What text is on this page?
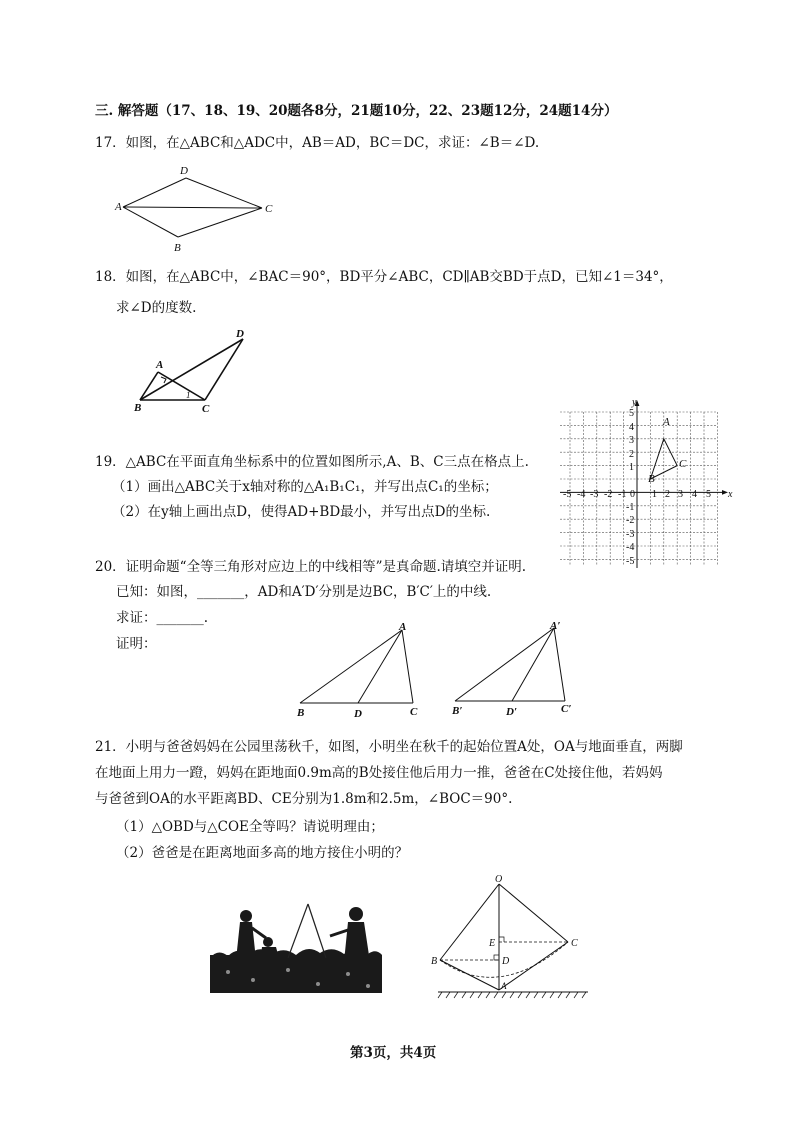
三. 解答题（17、18、19、20题各8分，21题10分，22、23题12分，24题14分）
17．如图，在△ABC和△ADC中，AB＝AD，BC＝DC，求证：∠B＝∠D.
A
D
C
B
18．如图，在△ABC中，∠BAC＝90°，BD平分∠ABC，CD∥AB交BD于点D，已知∠1＝34°，
求∠D的度数.
A
B	C
D
1
19．△ABC在平面直角坐标系中的位置如图所示,A、B、C三点在格点上.
（1）画出△ABC关于x轴对称的△A₁B₁C₁，并写出点C₁的坐标；
（2）在y轴上画出点D，使得AD+BD最小，并写出点D的坐标.
-5 -4 -3 -2 -1 0 1 2 3 4 5 x
5
4
3
2
1
-1
-2
-3
-4
-5
y
A
B
C
20．证明命题“全等三角形对应边上的中线相等”是真命题.请填空并证明.
已知：如图，_______，AD和A′D′分别是边BC，B′C′上的中线.
求证：_______.
证明：
A
B	D	C
A′
B′	D′	C′
21．小明与爸爸妈妈在公园里荡秋千，如图，小明坐在秋千的起始位置A处，OA与地面垂直，两脚
在地面上用力一蹬，妈妈在距地面0.9m高的B处接住他后用力一推，爸爸在C处接住他，若妈妈
与爸爸到OA的水平距离BD、CE分别为1.8m和2.5m，∠BOC＝90°.
（1）△OBD与△COE全等吗？请说明理由；
（2）爸爸是在距离地面多高的地方接住小明的？
O
E	C
B	D
A
第3页，共4页
